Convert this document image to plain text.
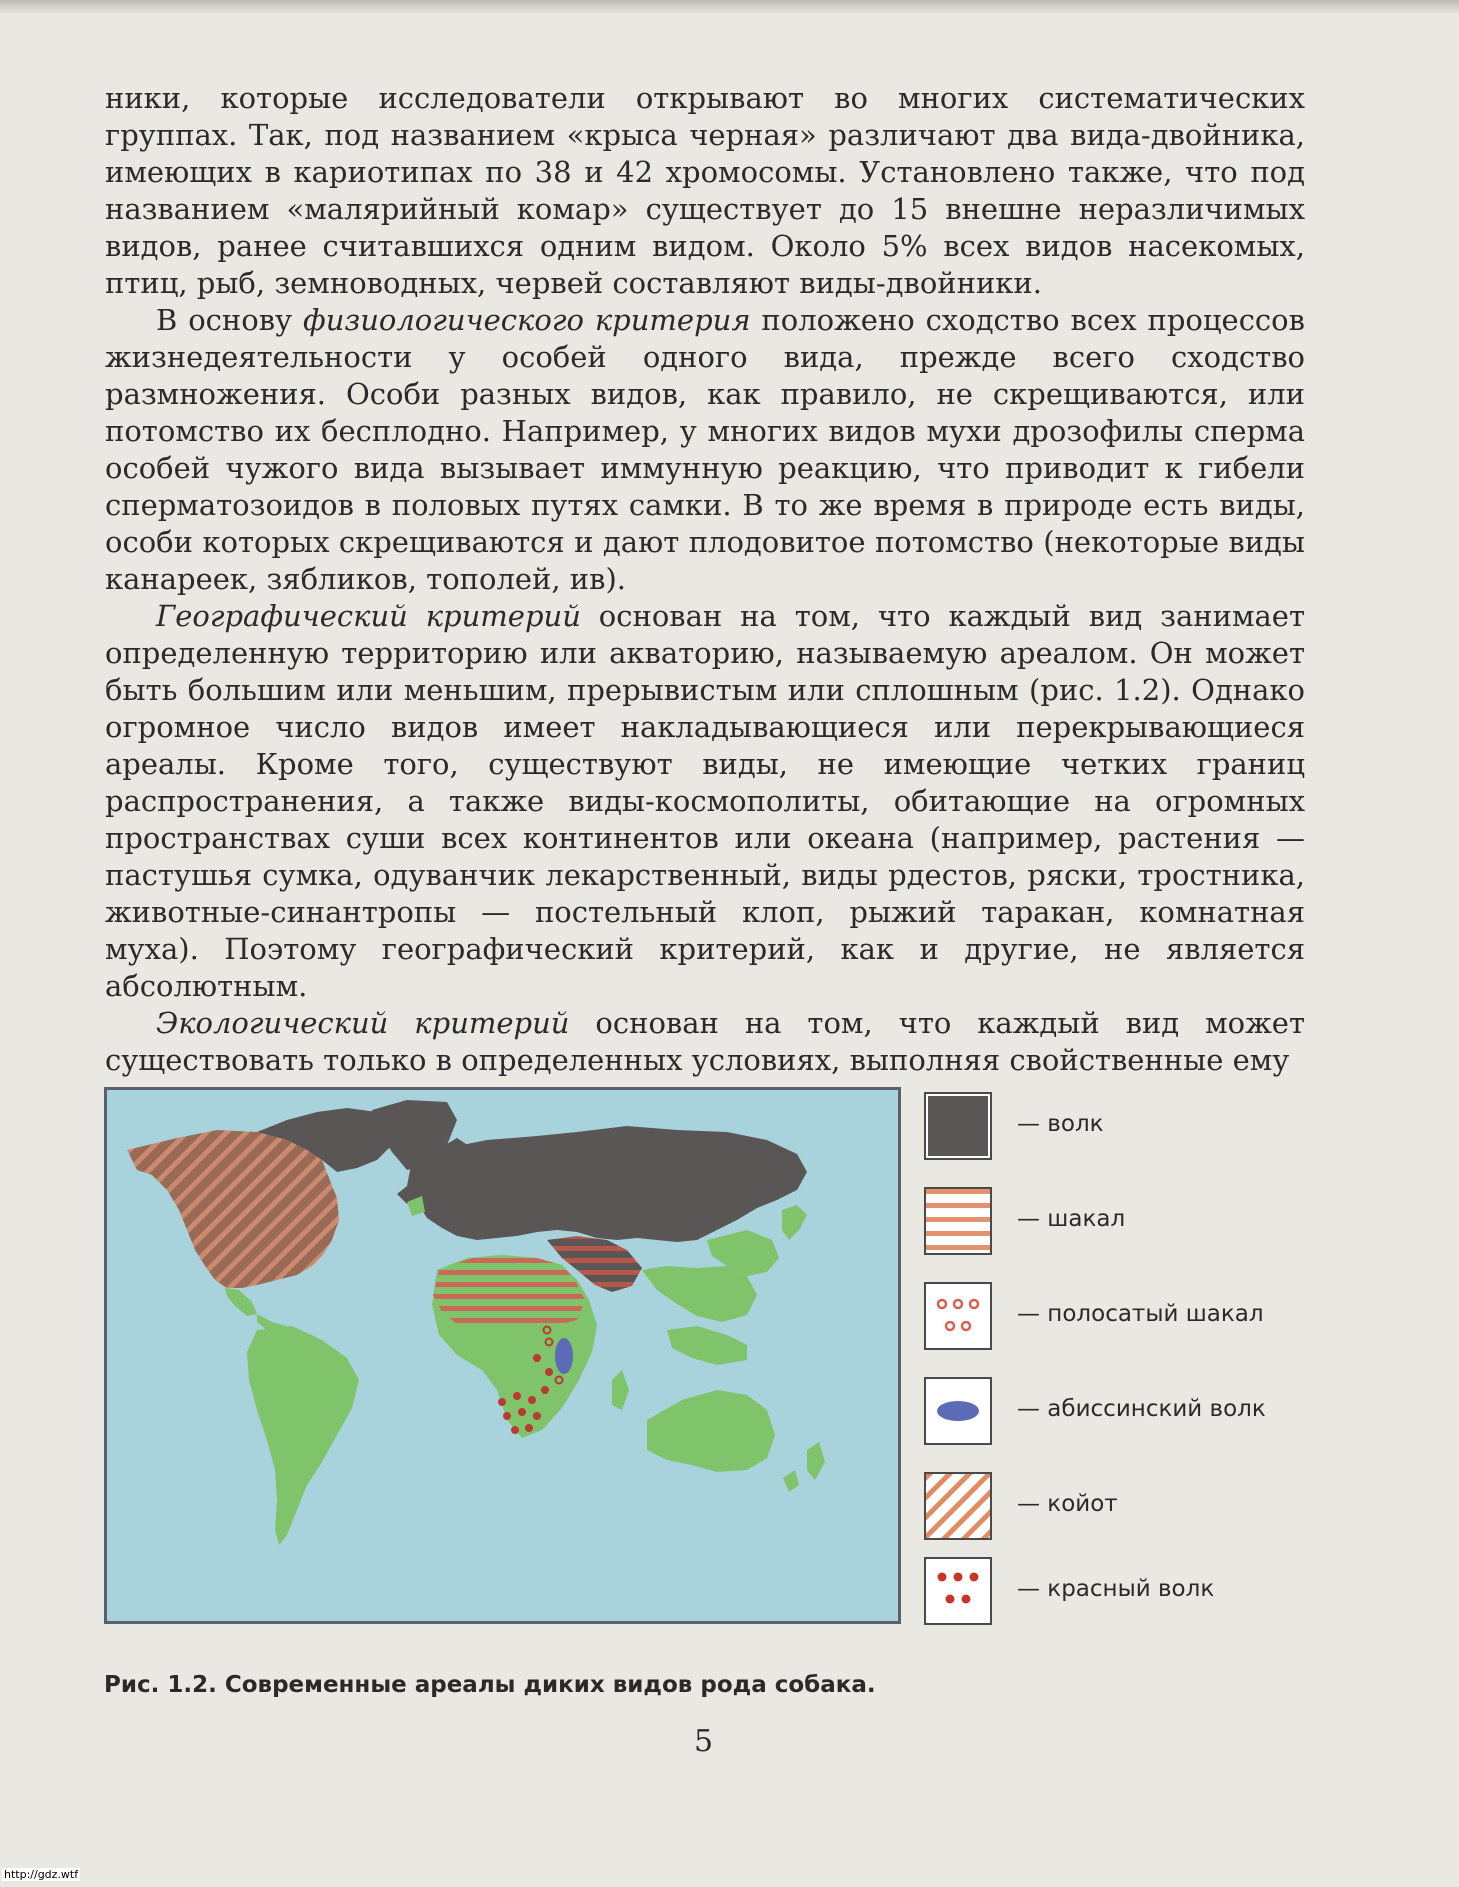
ники, которые исследователи открывают во многих систематических группах. Так, под названием «крыса черная» различают два вида-двойника, имеющих в кариотипах по 38 и 42 хромосомы. Установлено также, что под названием «малярийный комар» существует до 15 внешне неразличимых видов, ранее считавшихся одним видом. Около 5% всех видов насекомых, птиц, рыб, земноводных, червей составляют виды-двойники.

В основу физиологического критерия положено сходство всех процессов жизнедеятельности у особей одного вида, прежде всего сходство размножения. Особи разных видов, как правило, не скрещиваются, или потомство их бесплодно. Например, у многих видов мухи дрозофилы сперма особей чужого вида вызывает иммунную реакцию, что приводит к гибели сперматозоидов в половых путях самки. В то же время в природе есть виды, особи которых скрещиваются и дают плодовитое потомство (некоторые виды канареек, зябликов, тополей, ив).

Географический критерий основан на том, что каждый вид занимает определенную территорию или акваторию, называемую ареалом. Он может быть большим или меньшим, прерывистым или сплошным (рис. 1.2). Однако огромное число видов имеет накладывающиеся или перекрывающиеся ареалы. Кроме того, существуют виды, не имеющие четких границ распространения, а также виды-космополиты, обитающие на огромных пространствах суши всех континентов или океана (например, растения — пастушья сумка, одуванчик лекарственный, виды рдестов, ряски, тростника, животные-синантропы — постельный клоп, рыжий таракан, комнатная муха). Поэтому географический критерий, как и другие, не является абсолютным.

Экологический критерий основан на том, что каждый вид может существовать только в определенных условиях, выполняя свойственные ему

— волк
— шакал
— полосатый шакал
— абиссинский волк
— койот
— красный волк
Рис. 1.2. Современные ареалы диких видов рода собака.
5
http://gdz.wtf
